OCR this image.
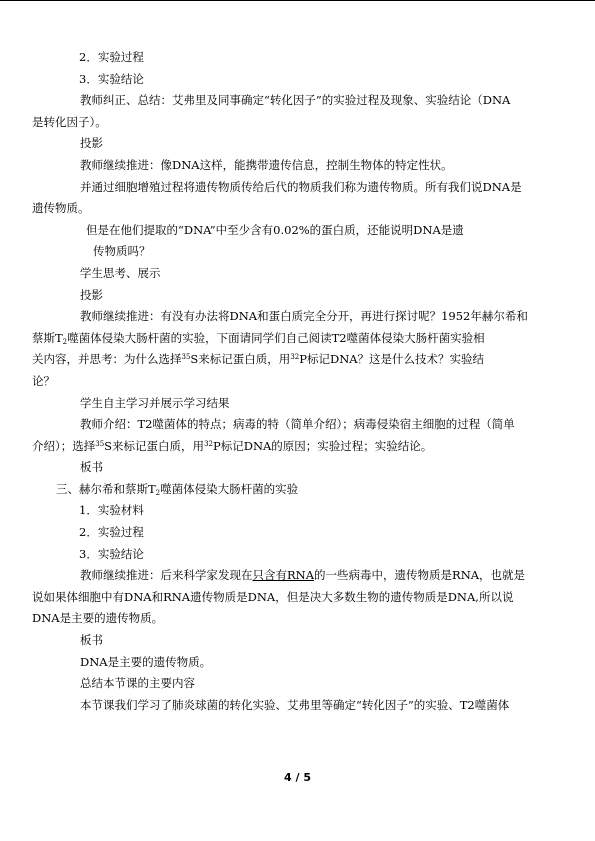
2．实验过程

3．实验结论

教师纠正、总结：艾弗里及同事确定“转化因子”的实验过程及现象、实验结论（DNA
是转化因子）。

投影

教师继续推进：像DNA这样，能携带遗传信息，控制生物体的特定性状。

并通过细胞增殖过程将遗传物质传给后代的物质我们称为遗传物质。所有我们说DNA是
遗传物质。

但是在他们提取的“DNA”中至少含有0.02%的蛋白质，还能说明DNA是遗

传物质吗？

学生思考、展示

投影

教师继续推进：有没有办法将DNA和蛋白质完全分开，再进行探讨呢？1952年赫尔希和
蔡斯$T_2$噬菌体侵染大肠杆菌的实验，下面请同学们自己阅读T2噬菌体侵染大肠杆菌实验相
关内容，并思考：为什么选择$^{35}$S来标记蛋白质，用$^{32}$P标记DNA？这是什么技术？实验结
论？

学生自主学习并展示学习结果

教师介绍：T2噬菌体的特点；病毒的特（简单介绍）；病毒侵染宿主细胞的过程（简单
介绍）；选择$^{35}$S来标记蛋白质，用$^{32}$P标记DNA的原因；实验过程；实验结论。

板书

三、赫尔希和蔡斯$T_2$噬菌体侵染大肠杆菌的实验

1．实验材料

2．实验过程

3．实验结论

教师继续推进：后来科学家发现在只含有RNA的一些病毒中，遗传物质是RNA，也就是
说如果体细胞中有DNA和RNA遗传物质是DNA，但是决大多数生物的遗传物质是DNA,所以说
DNA是主要的遗传物质。

板书

DNA是主要的遗传物质。

总结本节课的主要内容

本节课我们学习了肺炎球菌的转化实验、艾弗里等确定“转化因子”的实验、T2噬菌体

4 / 5
